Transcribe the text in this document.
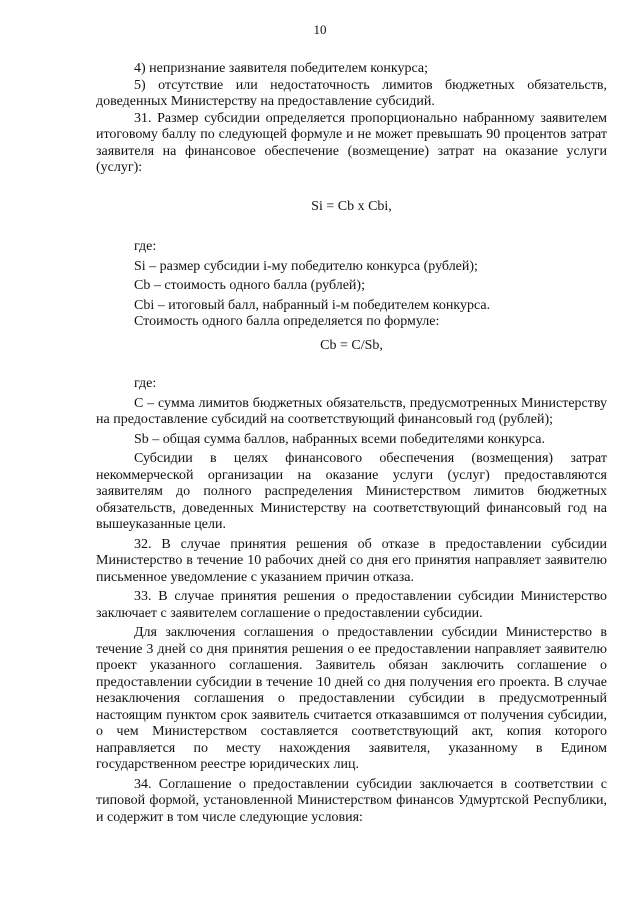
10

4) непризнание заявителя победителем конкурса;

5) отсутствие или недостаточность лимитов бюджетных обязательств, доведенных Министерству на предоставление субсидий.

31. Размер субсидии определяется пропорционально набранному заявителем итоговому баллу по следующей формуле и не может превышать 90 процентов затрат заявителя на финансовое обеспечение (возмещение) затрат на оказание услуги (услуг):

Si = Cb x Cbi,

где:

Si – размер субсидии i-му победителю конкурса (рублей);

Cb – стоимость одного балла (рублей);

Cbi – итоговый балл, набранный i-м победителем конкурса.

Стоимость одного балла определяется по формуле:

Cb = C/Sb,

где:

C – сумма лимитов бюджетных обязательств, предусмотренных Министерству на предоставление субсидий на соответствующий финансовый год (рублей);

Sb – общая сумма баллов, набранных всеми победителями конкурса.

Субсидии в целях финансового обеспечения (возмещения) затрат некоммерческой организации на оказание услуги (услуг) предоставляются заявителям до полного распределения Министерством лимитов бюджетных обязательств, доведенных Министерству на соответствующий финансовый год на вышеуказанные цели.

32. В случае принятия решения об отказе в предоставлении субсидии Министерство в течение 10 рабочих дней со дня его принятия направляет заявителю письменное уведомление с указанием причин отказа.

33. В случае принятия решения о предоставлении субсидии Министерство заключает с заявителем соглашение о предоставлении субсидии.

Для заключения соглашения о предоставлении субсидии Министерство в течение 3 дней со дня принятия решения о ее предоставлении направляет заявителю проект указанного соглашения. Заявитель обязан заключить соглашение о предоставлении субсидии в течение 10 дней со дня получения его проекта. В случае незаключения соглашения о предоставлении субсидии в предусмотренный настоящим пунктом срок заявитель считается отказавшимся от получения субсидии, о чем Министерством составляется соответствующий акт, копия которого направляется по месту нахождения заявителя, указанному в Едином государственном реестре юридических лиц.

34. Соглашение о предоставлении субсидии заключается в соответствии с типовой формой, установленной Министерством финансов Удмуртской Республики, и содержит в том числе следующие условия:
